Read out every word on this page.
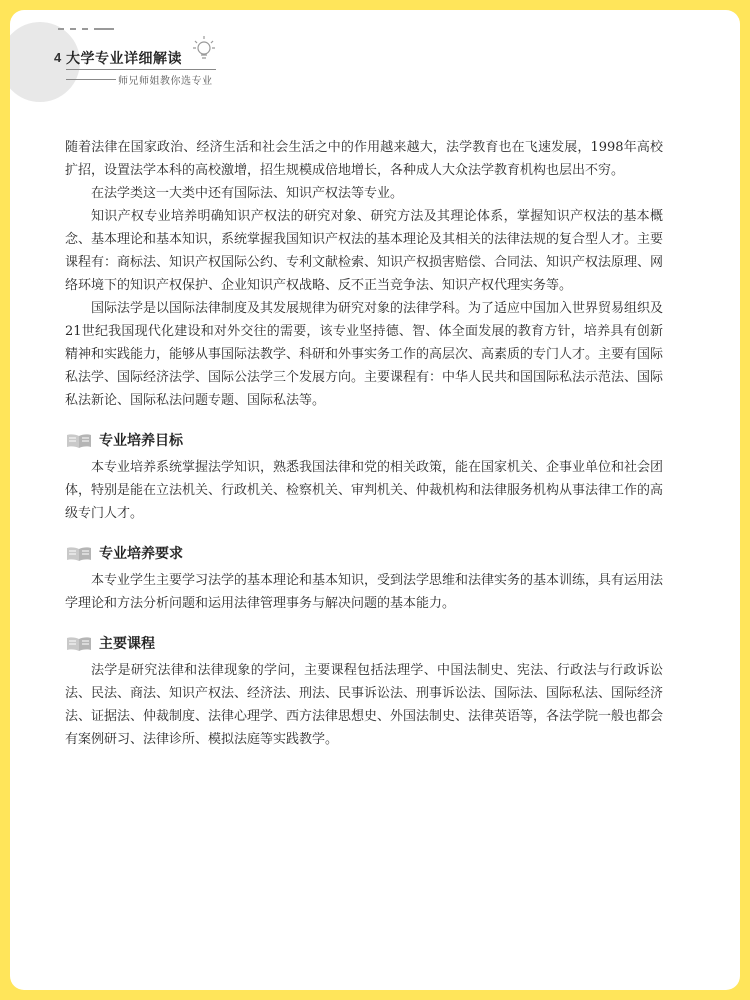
4 大学专业详细解读
师兄师姐教你选专业

随着法律在国家政治、经济生活和社会生活之中的作用越来越大，法学教育也在飞速发展，1998年高校扩招，设置法学本科的高校激增，招生规模成倍地增长，各种成人大众法学教育机构也层出不穷。

在法学类这一大类中还有国际法、知识产权法等专业。

知识产权专业培养明确知识产权法的研究对象、研究方法及其理论体系，掌握知识产权法的基本概念、基本理论和基本知识，系统掌握我国知识产权法的基本理论及其相关的法律法规的复合型人才。主要课程有：商标法、知识产权国际公约、专利文献检索、知识产权损害赔偿、合同法、知识产权法原理、网络环境下的知识产权保护、企业知识产权战略、反不正当竞争法、知识产权代理实务等。

国际法学是以国际法律制度及其发展规律为研究对象的法律学科。为了适应中国加入世界贸易组织及21世纪我国现代化建设和对外交往的需要，该专业坚持德、智、体全面发展的教育方针，培养具有创新精神和实践能力，能够从事国际法教学、科研和外事实务工作的高层次、高素质的专门人才。主要有国际私法学、国际经济法学、国际公法学三个发展方向。主要课程有：中华人民共和国国际私法示范法、国际私法新论、国际私法问题专题、国际私法等。

专业培养目标

本专业培养系统掌握法学知识，熟悉我国法律和党的相关政策，能在国家机关、企事业单位和社会团体，特别是能在立法机关、行政机关、检察机关、审判机关、仲裁机构和法律服务机构从事法律工作的高级专门人才。

专业培养要求

本专业学生主要学习法学的基本理论和基本知识，受到法学思维和法律实务的基本训练，具有运用法学理论和方法分析问题和运用法律管理事务与解决问题的基本能力。

主要课程

法学是研究法律和法律现象的学问，主要课程包括法理学、中国法制史、宪法、行政法与行政诉讼法、民法、商法、知识产权法、经济法、刑法、民事诉讼法、刑事诉讼法、国际法、国际私法、国际经济法、证据法、仲裁制度、法律心理学、西方法律思想史、外国法制史、法律英语等，各法学院一般也都会有案例研习、法律诊所、模拟法庭等实践教学。
